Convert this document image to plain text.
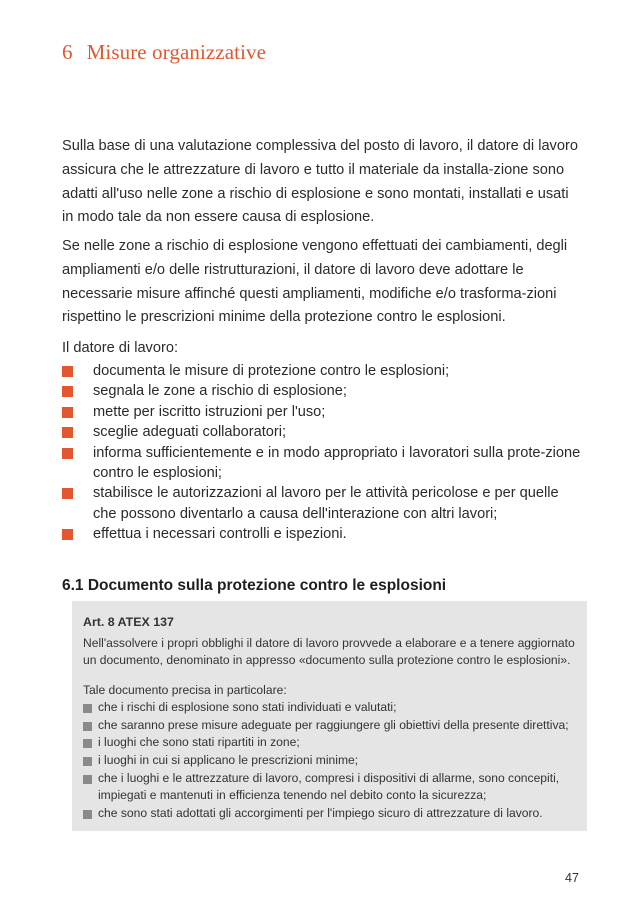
6 Misure organizzative

Sulla base di una valutazione complessiva del posto di lavoro, il datore di lavoro assicura che le attrezzature di lavoro e tutto il materiale da installa-zione sono adatti all'uso nelle zone a rischio di esplosione e sono montati, installati e usati in modo tale da non essere causa di esplosione.

Se nelle zone a rischio di esplosione vengono effettuati dei cambiamenti, degli ampliamenti e/o delle ristrutturazioni, il datore di lavoro deve adottare le necessarie misure affinché questi ampliamenti, modifiche e/o trasforma-zioni rispettino le prescrizioni minime della protezione contro le esplosioni.

Il datore di lavoro:

documenta le misure di protezione contro le esplosioni;
segnala le zone a rischio di esplosione;
mette per iscritto istruzioni per l'uso;
sceglie adeguati collaboratori;
informa sufficientemente e in modo appropriato i lavoratori sulla prote-zione contro le esplosioni;
stabilisce le autorizzazioni al lavoro per le attività pericolose e per quelle che possono diventarlo a causa dell'interazione con altri lavori;
effettua i necessari controlli e ispezioni.
6.1 Documento sulla protezione contro le esplosioni
Art. 8 ATEX 137

Nell'assolvere i propri obblighi il datore di lavoro provvede a elaborare e a tenere aggiornato un documento, denominato in appresso «documento sulla protezione contro le esplosioni».

Tale documento precisa in particolare:

che i rischi di esplosione sono stati individuati e valutati;
che saranno prese misure adeguate per raggiungere gli obiettivi della presente direttiva;
i luoghi che sono stati ripartiti in zone;
i luoghi in cui si applicano le prescrizioni minime;
che i luoghi e le attrezzature di lavoro, compresi i dispositivi di allarme, sono concepiti, impiegati e mantenuti in efficienza tenendo nel debito conto la sicurezza;
che sono stati adottati gli accorgimenti per l'impiego sicuro di attrezzature di lavoro.
47
